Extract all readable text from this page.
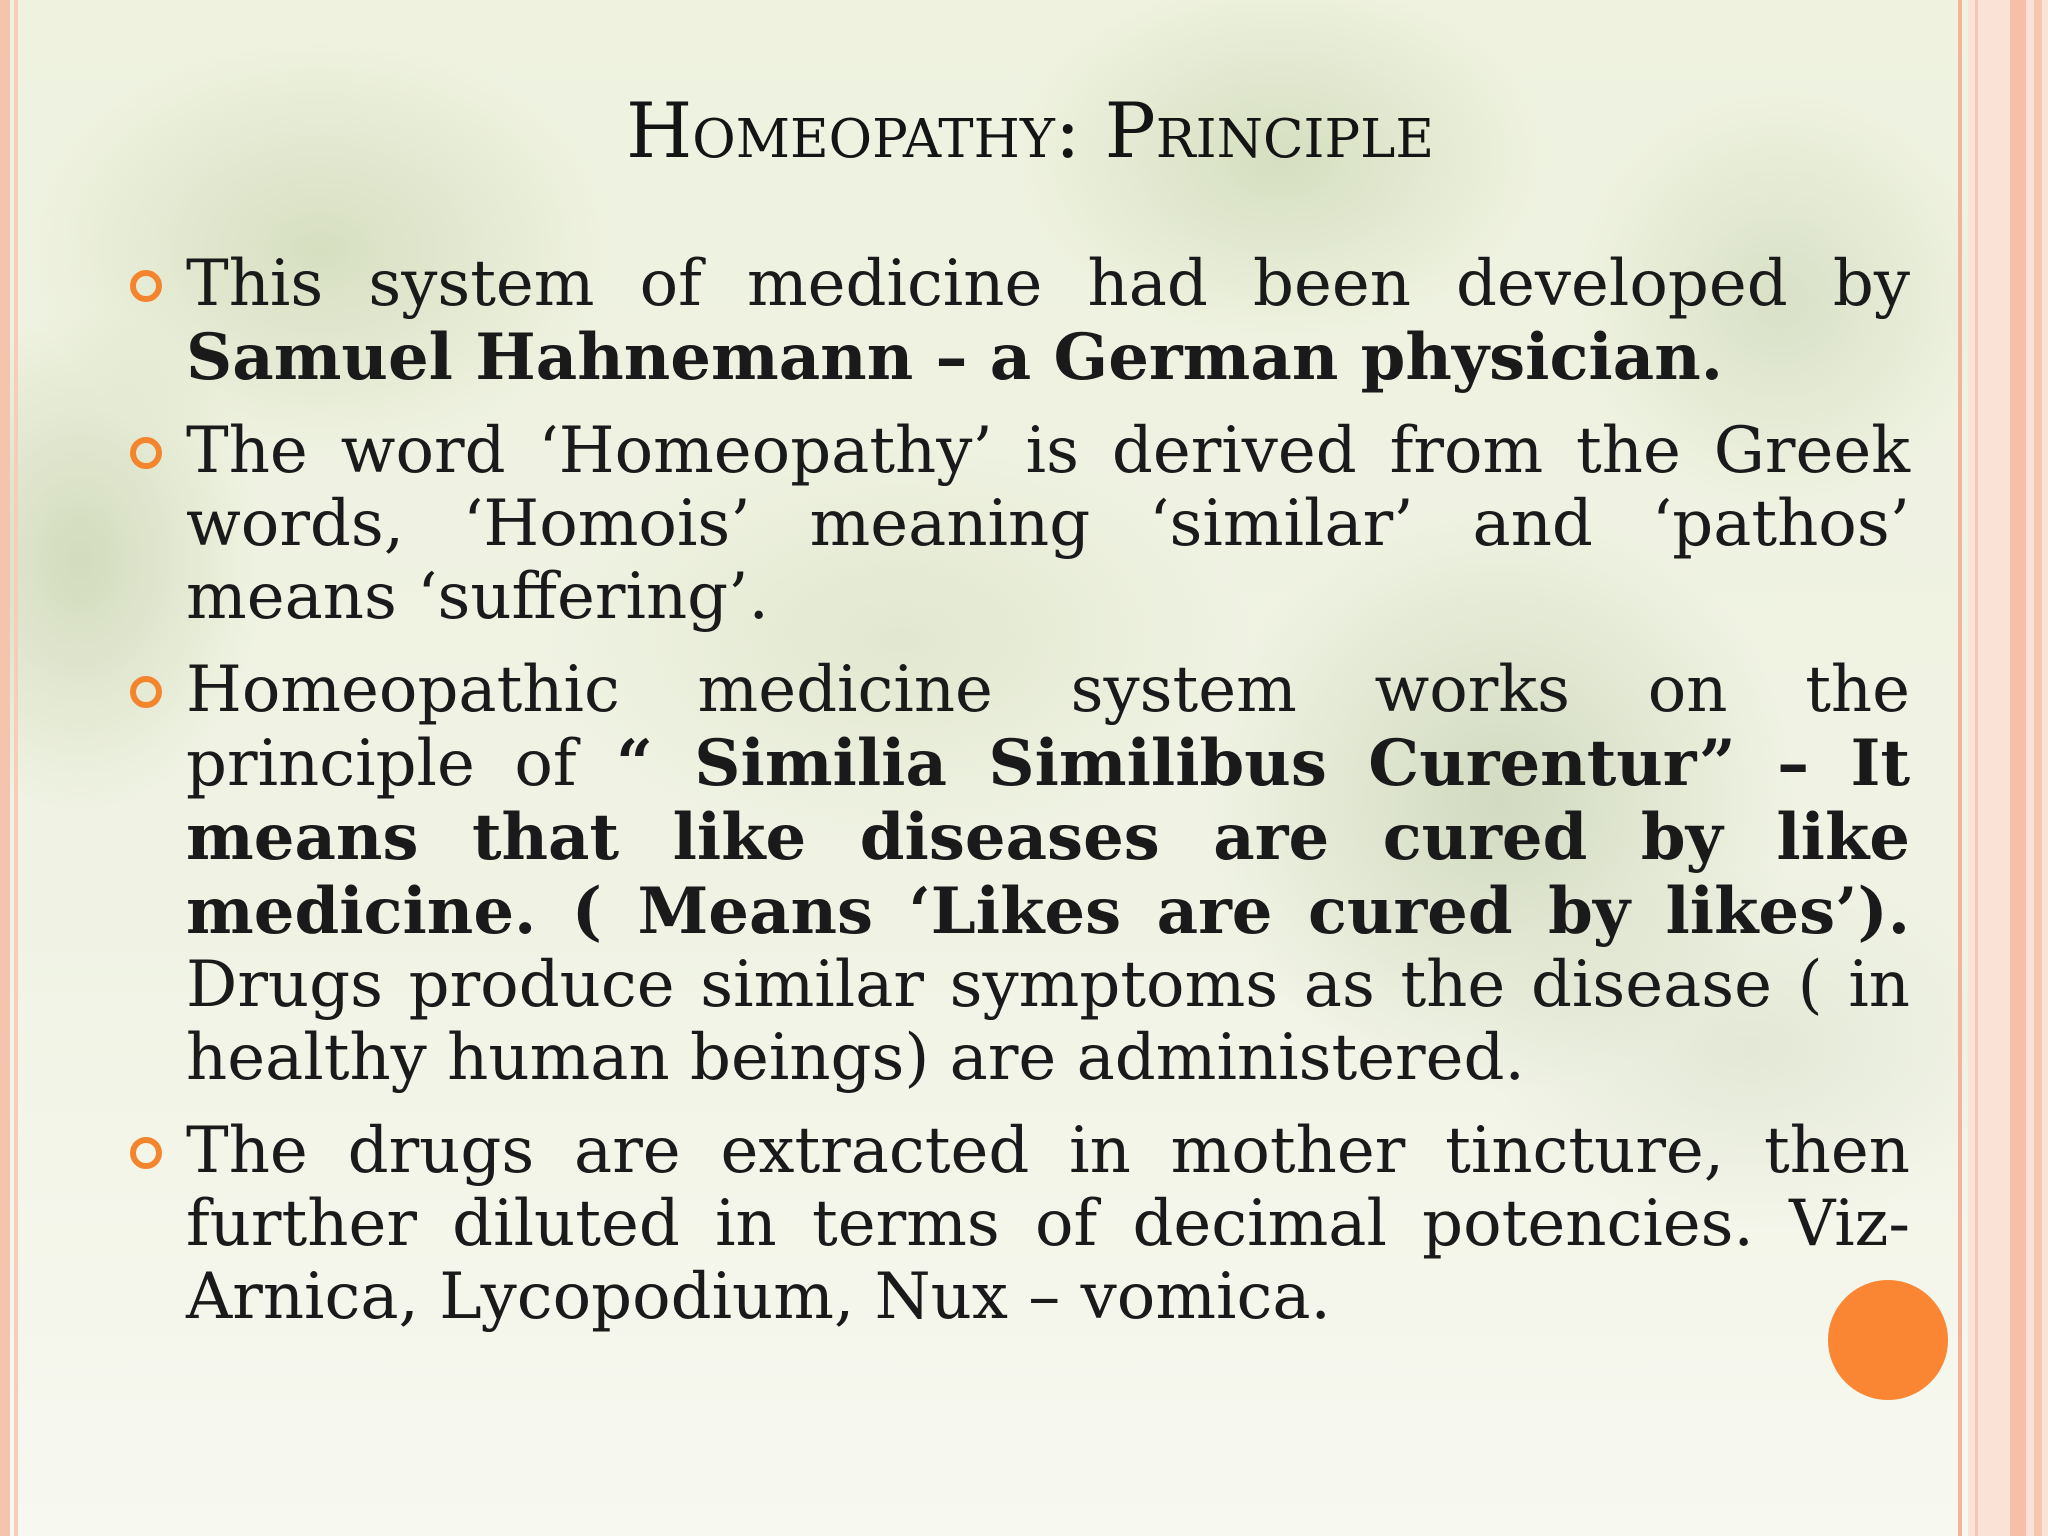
Homeopathy: Principle
This system of medicine had been developed by Samuel Hahnemann – a German physician.
The word ‘Homeopathy’ is derived from the Greek words, ‘Homois’ meaning ‘similar’ and ‘pathos’ means ‘suffering’.
Homeopathic medicine system works on the principle of “ Similia Similibus Curentur” – It means that like diseases are cured by like medicine. ( Means ‘Likes are cured by likes’). Drugs produce similar symptoms as the disease ( in healthy human beings) are administered.
The drugs are extracted in mother tincture, then further diluted in terms of decimal potencies. Viz- Arnica, Lycopodium, Nux – vomica.
